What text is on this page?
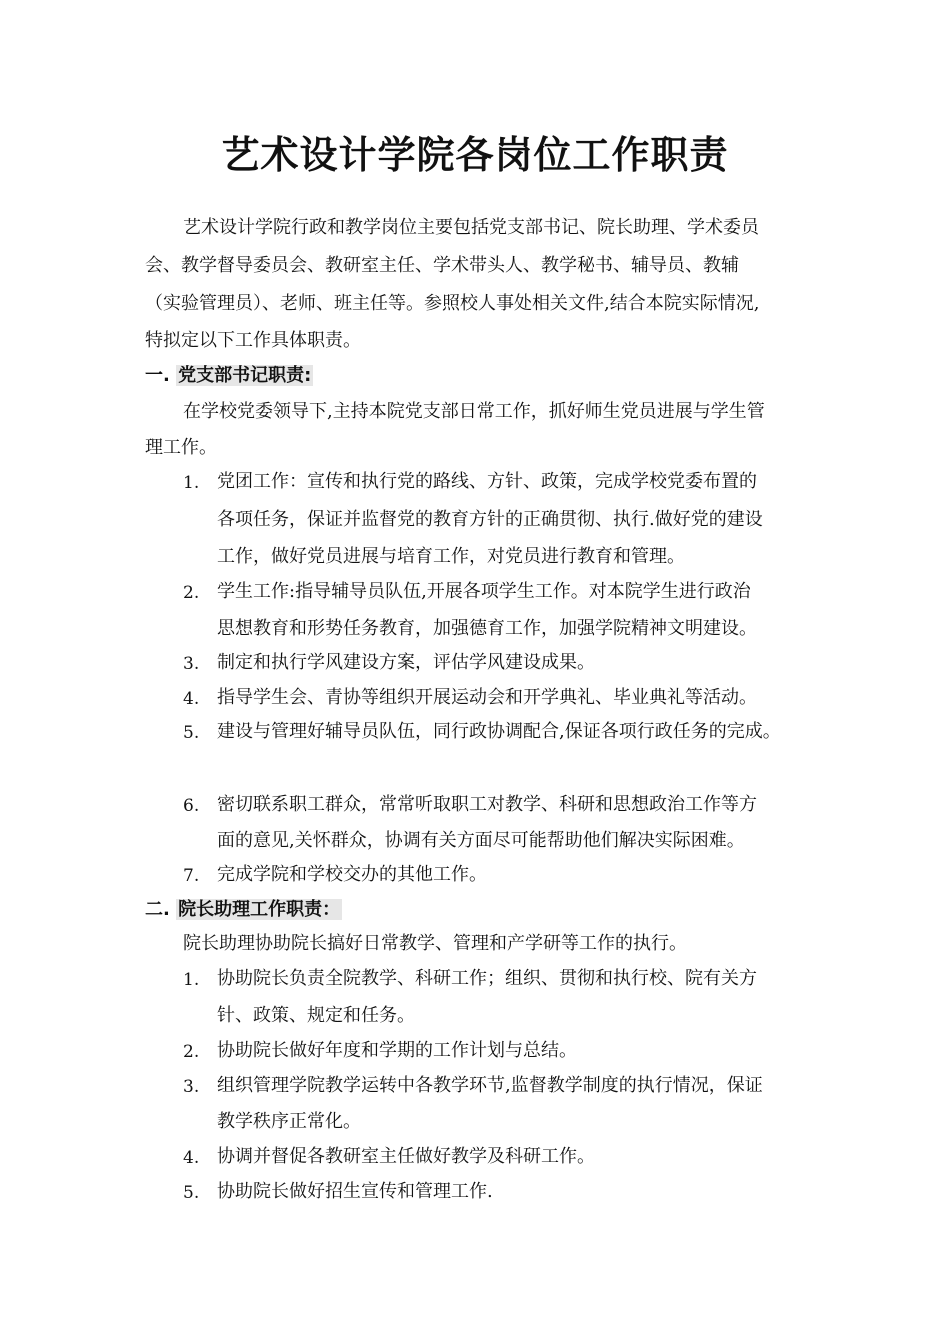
艺术设计学院各岗位工作职责
艺术设计学院行政和教学岗位主要包括党支部书记、院长助理、学术委员
会、教学督导委员会、教研室主任、学术带头人、教学秘书、辅导员、教辅
（实验管理员）、老师、班主任等。参照校人事处相关文件,结合本院实际情况,
特拟定以下工作具体职责。
一. 党支部书记职责:
在学校党委领导下,主持本院党支部日常工作，抓好师生党员进展与学生管
理工作。
1. 党团工作：宣传和执行党的路线、方针、政策，完成学校党委布置的
各项任务，保证并监督党的教育方针的正确贯彻、执行.做好党的建设
工作，做好党员进展与培育工作，对党员进行教育和管理。
2. 学生工作:指导辅导员队伍,开展各项学生工作。对本院学生进行政治
思想教育和形势任务教育，加强德育工作，加强学院精神文明建设。
3. 制定和执行学风建设方案，评估学风建设成果。
4. 指导学生会、青协等组织开展运动会和开学典礼、毕业典礼等活动。
5. 建设与管理好辅导员队伍，同行政协调配合,保证各项行政任务的完成。
6. 密切联系职工群众，常常听取职工对教学、科研和思想政治工作等方
面的意见,关怀群众，协调有关方面尽可能帮助他们解决实际困难。
7. 完成学院和学校交办的其他工作。
二. 院长助理工作职责：
院长助理协助院长搞好日常教学、管理和产学研等工作的执行。
1. 协助院长负责全院教学、科研工作；组织、贯彻和执行校、院有关方
针、政策、规定和任务。
2. 协助院长做好年度和学期的工作计划与总结。
3. 组织管理学院教学运转中各教学环节,监督教学制度的执行情况，保证
教学秩序正常化。
4. 协调并督促各教研室主任做好教学及科研工作。
5. 协助院长做好招生宣传和管理工作.
